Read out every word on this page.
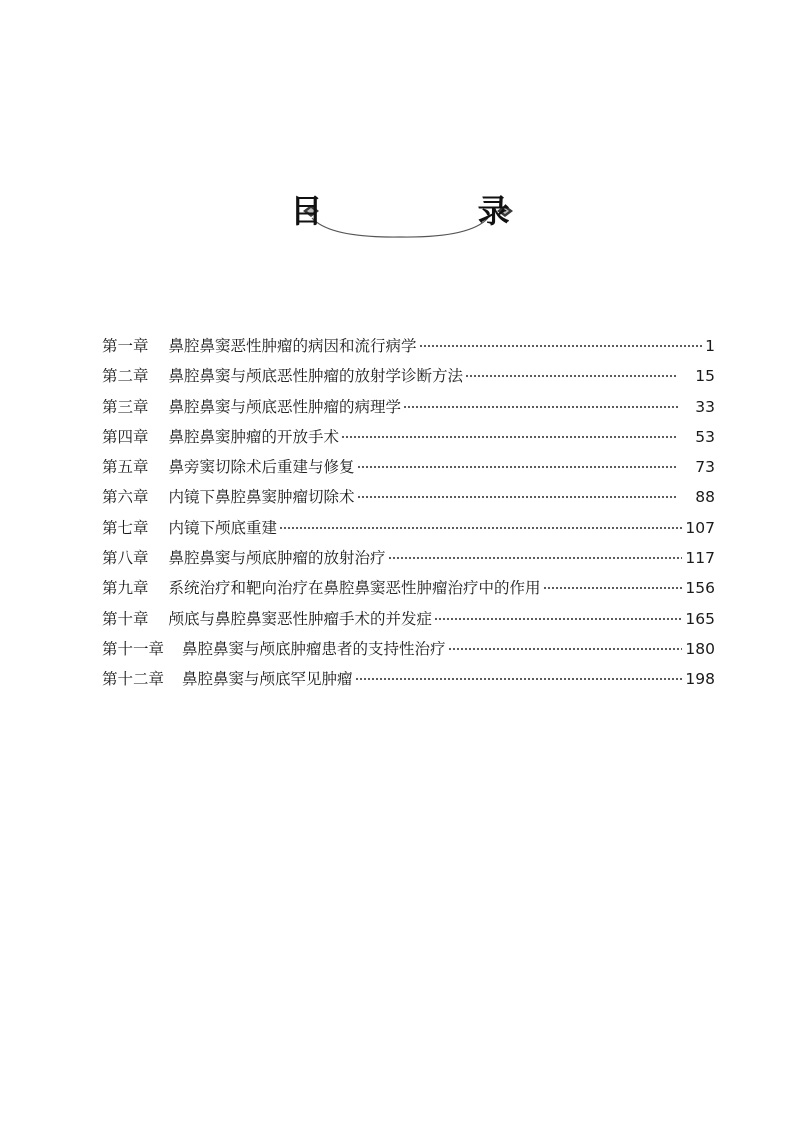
目 录
第一章 鼻腔鼻窦恶性肿瘤的病因和流行病学	1
第二章 鼻腔鼻窦与颅底恶性肿瘤的放射学诊断方法	15
第三章 鼻腔鼻窦与颅底恶性肿瘤的病理学	33
第四章 鼻腔鼻窦肿瘤的开放手术	53
第五章 鼻旁窦切除术后重建与修复	73
第六章 内镜下鼻腔鼻窦肿瘤切除术	88
第七章 内镜下颅底重建	107
第八章 鼻腔鼻窦与颅底肿瘤的放射治疗	117
第九章 系统治疗和靶向治疗在鼻腔鼻窦恶性肿瘤治疗中的作用	156
第十章 颅底与鼻腔鼻窦恶性肿瘤手术的并发症	165
第十一章 鼻腔鼻窦与颅底肿瘤患者的支持性治疗	180
第十二章 鼻腔鼻窦与颅底罕见肿瘤	198
